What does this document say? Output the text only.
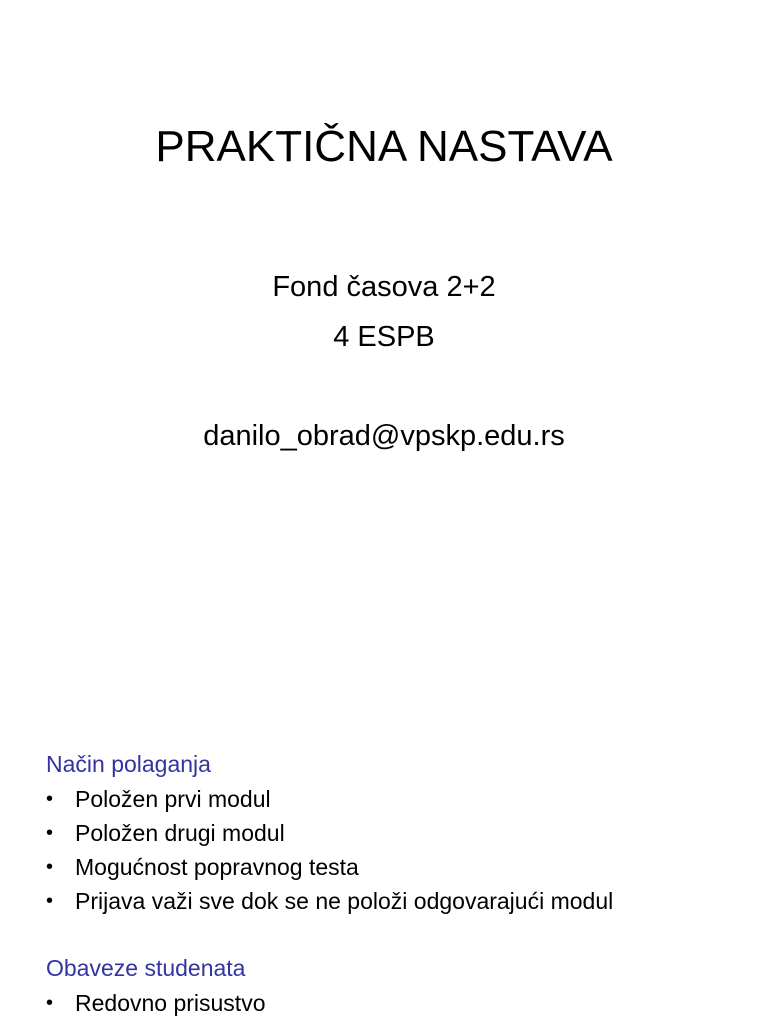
PRAKTIČNA NASTAVA
Fond časova 2+2
4 ESPB
danilo_obrad@vpskp.edu.rs
Način polaganja
• Položen prvi modul
• Položen drugi modul
• Mogućnost popravnog testa
• Prijava važi sve dok se ne položi odgovarajući modul
Obaveze studenata
• Redovno prisustvo
